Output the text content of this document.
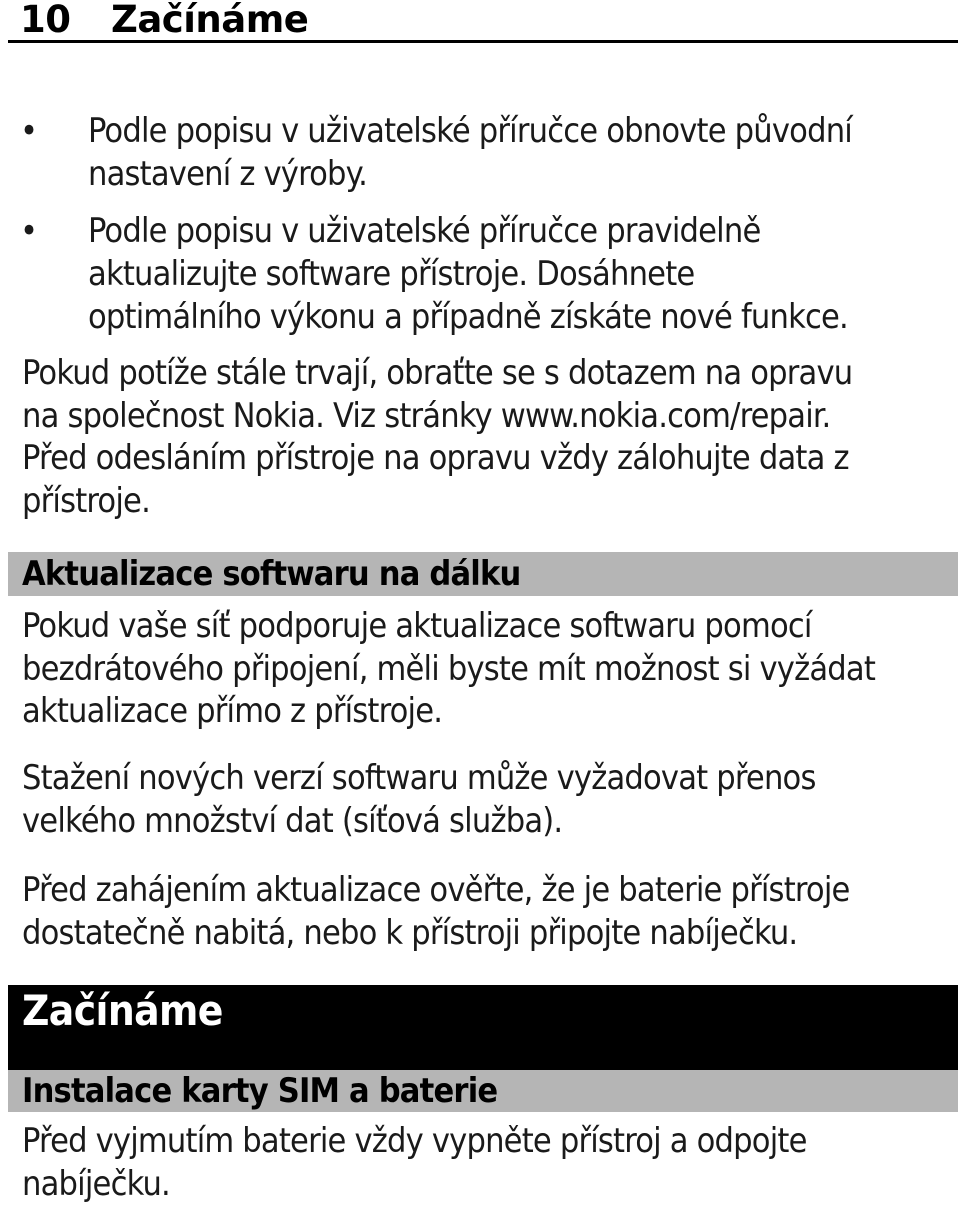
10 Začínáme
• Podle popisu v uživatelské příručce obnovte původní
nastavení z výroby.
• Podle popisu v uživatelské příručce pravidelně
aktualizujte software přístroje. Dosáhnete
optimálního výkonu a případně získáte nové funkce.
Pokud potíže stále trvají, obraťte se s dotazem na opravu
na společnost Nokia. Viz stránky www.nokia.com/repair.
Před odesláním přístroje na opravu vždy zálohujte data z
přístroje.
Aktualizace softwaru na dálku
Pokud vaše síť podporuje aktualizace softwaru pomocí
bezdrátového připojení, měli byste mít možnost si vyžádat
aktualizace přímo z přístroje.
Stažení nových verzí softwaru může vyžadovat přenos
velkého množství dat (síťová služba).
Před zahájením aktualizace ověřte, že je baterie přístroje
dostatečně nabitá, nebo k přístroji připojte nabíječku.
Začínáme
Instalace karty SIM a baterie
Před vyjmutím baterie vždy vypněte přístroj a odpojte
nabíječku.
